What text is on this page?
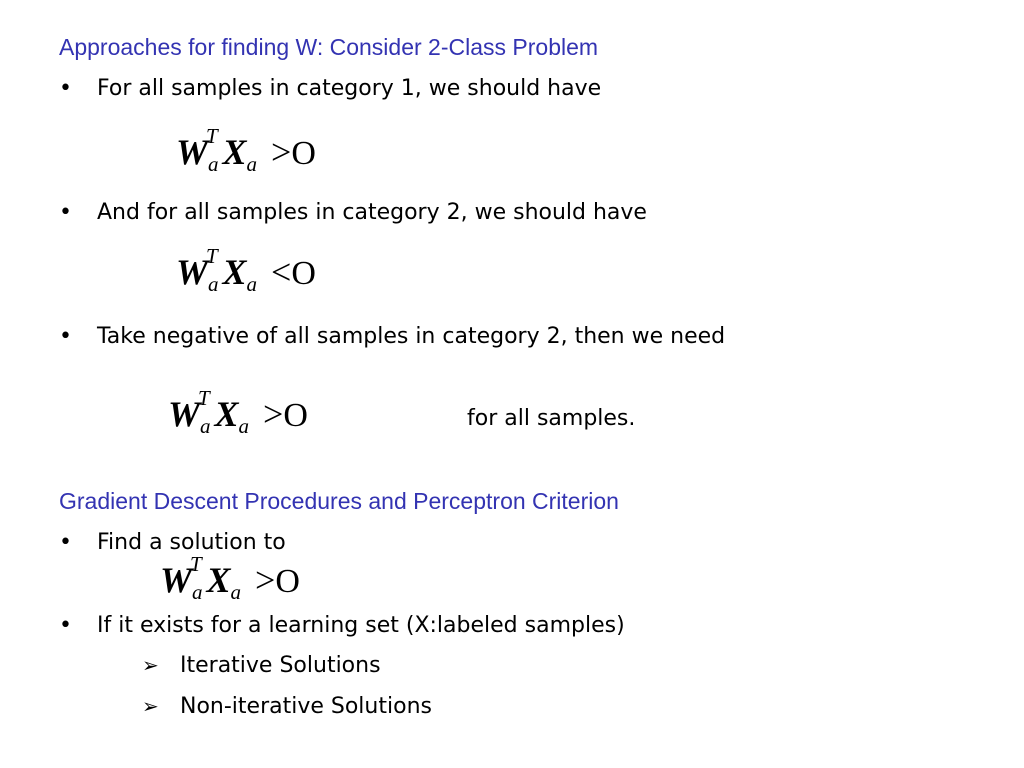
Approaches for finding W: Consider 2-Class Problem
• For all samples in category 1, we should have
W
T
a Xa >O
• And for all samples in category 2, we should have
W
T
a Xa <O
• Take negative of all samples in category 2, then we need
W
T
a Xa >O	for all samples.
Gradient Descent Procedures and Perceptron Criterion
• Find a solution to
W
T
a Xa >O
• If it exists for a learning set (X:labeled samples)
➢ Iterative Solutions
➢ Non-iterative Solutions
